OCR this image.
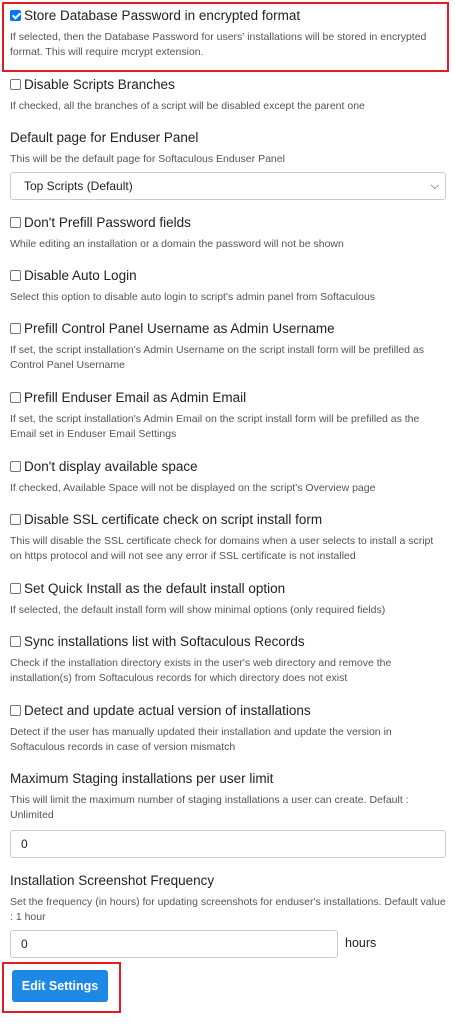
Store Database Password in encrypted format
If selected, then the Database Password for users' installations will be stored in encrypted format. This will require mcrypt extension.
Disable Scripts Branches
If checked, all the branches of a script will be disabled except the parent one
Default page for Enduser Panel
This will be the default page for Softaculous Enduser Panel
Top Scripts (Default)	⌵
Don't Prefill Password fields
While editing an installation or a domain the password will not be shown
Disable Auto Login
Select this option to disable auto login to script's admin panel from Softaculous
Prefill Control Panel Username as Admin Username
If set, the script installation's Admin Username on the script install form will be prefilled as Control Panel Username
Prefill Enduser Email as Admin Email
If set, the script installation's Admin Email on the script install form will be prefilled as the Email set in Enduser Email Settings
Don't display available space
If checked, Available Space will not be displayed on the script's Overview page
Disable SSL certificate check on script install form
This will disable the SSL certificate check for domains when a user selects to install a script on https protocol and will not see any error if SSL certificate is not installed
Set Quick Install as the default install option
If selected, the default install form will show minimal options (only required fields)
Sync installations list with Softaculous Records
Check if the installation directory exists in the user's web directory and remove the installation(s) from Softaculous records for which directory does not exist
Detect and update actual version of installations
Detect if the user has manually updated their installation and update the version in Softaculous records in case of version mismatch
Maximum Staging installations per user limit
This will limit the maximum number of staging installations a user can create. Default : Unlimited
0
Installation Screenshot Frequency
Set the frequency (in hours) for updating screenshots for enduser's installations. Default value : 1 hour
0	hours
Edit Settings
